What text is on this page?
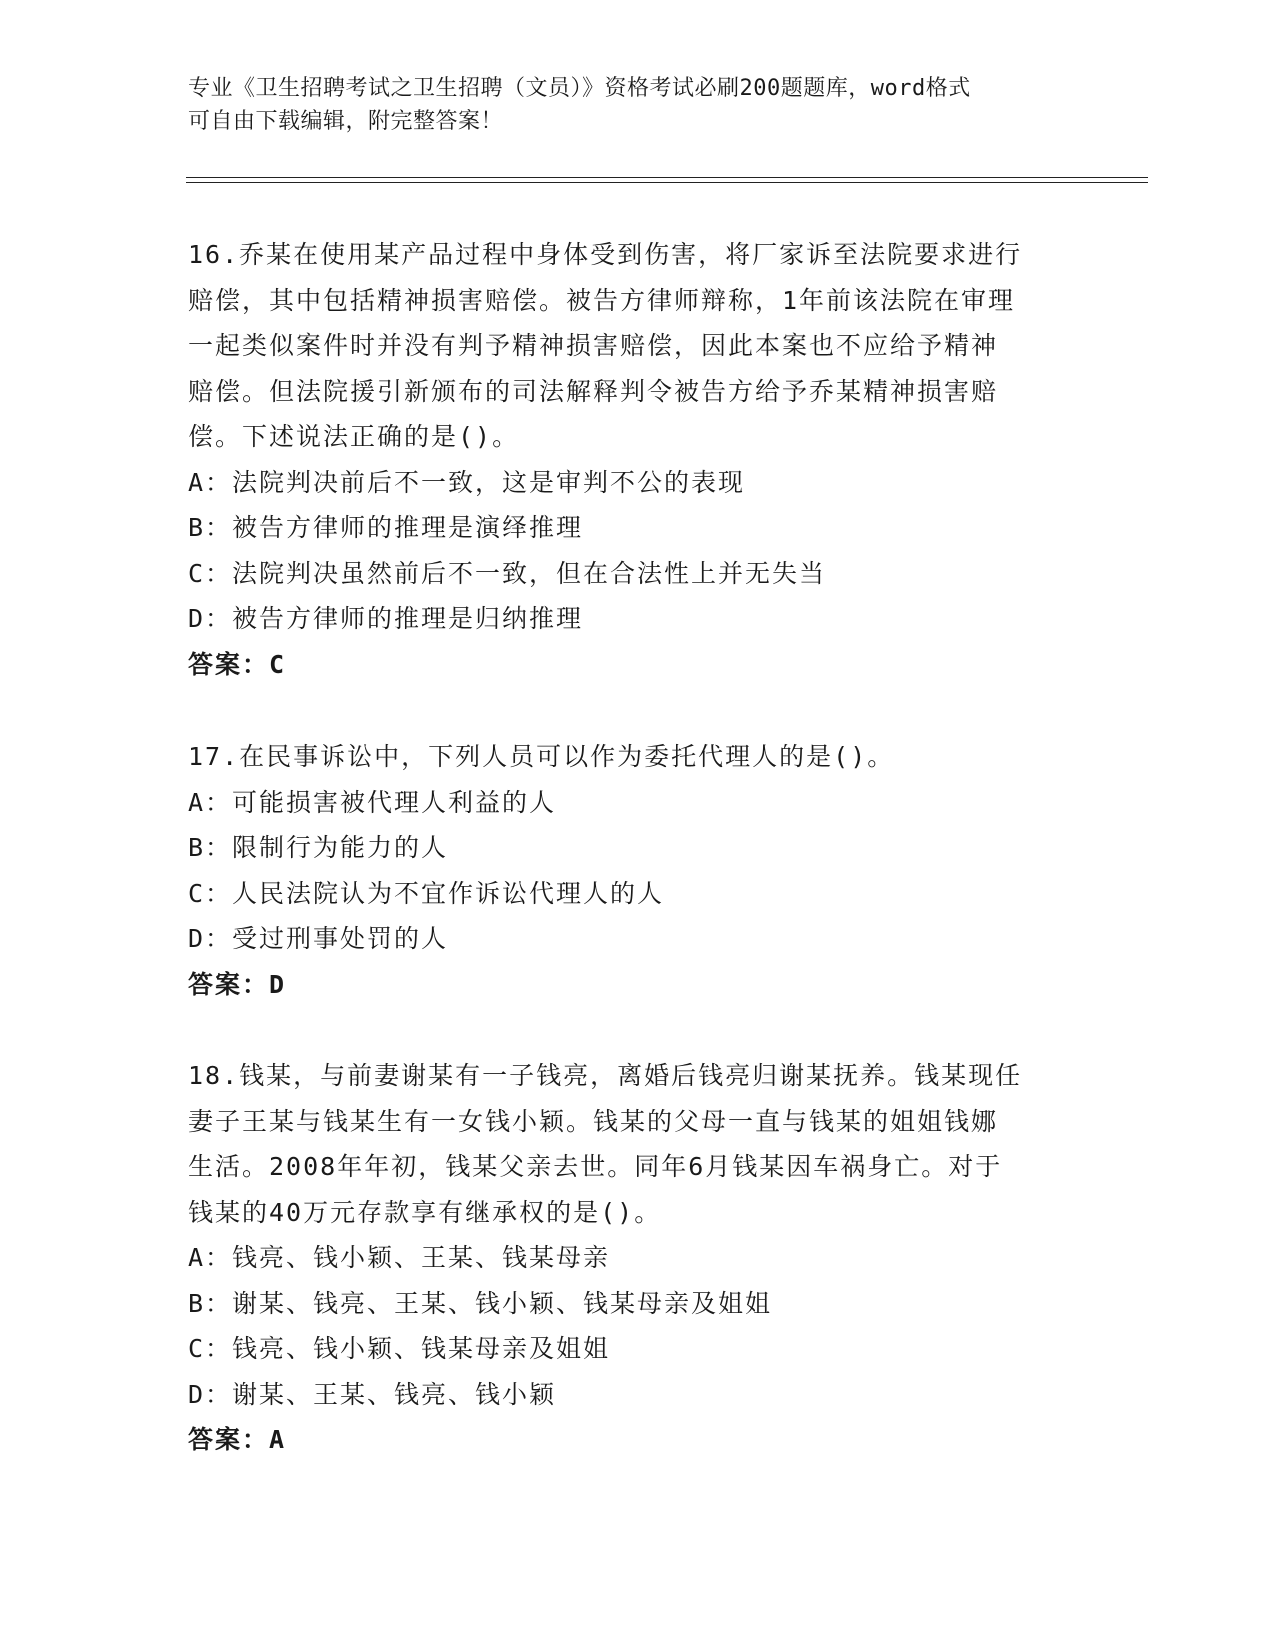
专业《卫生招聘考试之卫生招聘（文员）》资格考试必刷200题题库，word格式

可自由下载编辑，附完整答案！

16.乔某在使用某产品过程中身体受到伤害，将厂家诉至法院要求进行
赔偿，其中包括精神损害赔偿。被告方律师辩称，1年前该法院在审理
一起类似案件时并没有判予精神损害赔偿，因此本案也不应给予精神
赔偿。但法院援引新颁布的司法解释判令被告方给予乔某精神损害赔
偿。下述说法正确的是()。
A：法院判决前后不一致，这是审判不公的表现
B：被告方律师的推理是演绎推理
C：法院判决虽然前后不一致，但在合法性上并无失当
D：被告方律师的推理是归纳推理
答案：C
17.在民事诉讼中，下列人员可以作为委托代理人的是()。
A：可能损害被代理人利益的人
B：限制行为能力的人
C：人民法院认为不宜作诉讼代理人的人
D：受过刑事处罚的人
答案：D
18.钱某，与前妻谢某有一子钱亮，离婚后钱亮归谢某抚养。钱某现任
妻子王某与钱某生有一女钱小颖。钱某的父母一直与钱某的姐姐钱娜
生活。2008年年初，钱某父亲去世。同年6月钱某因车祸身亡。对于
钱某的40万元存款享有继承权的是()。
A：钱亮、钱小颖、王某、钱某母亲
B：谢某、钱亮、王某、钱小颖、钱某母亲及姐姐
C：钱亮、钱小颖、钱某母亲及姐姐
D：谢某、王某、钱亮、钱小颖
答案：A
